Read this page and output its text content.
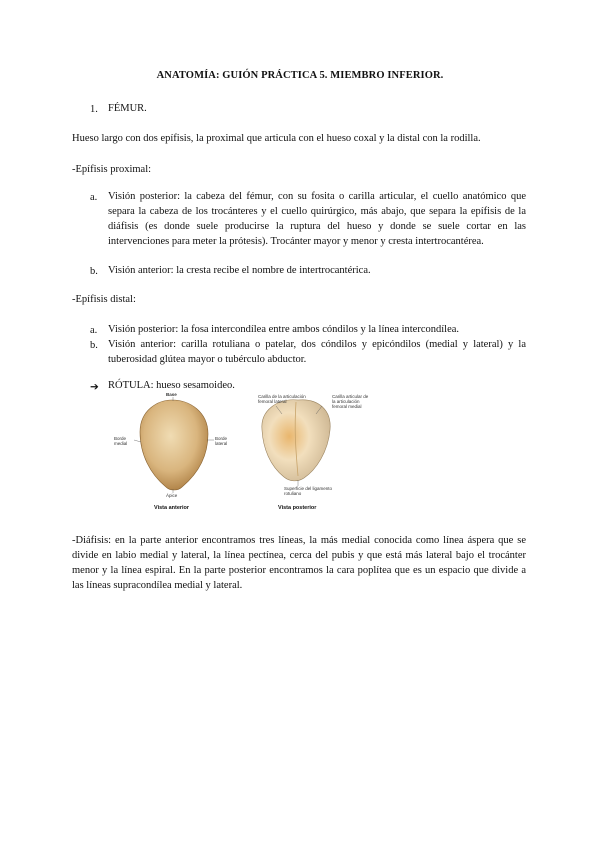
ANATOMÍA: GUIÓN PRÁCTICA 5. MIEMBRO INFERIOR.
1. FÉMUR.
Hueso largo con dos epífisis, la proximal que articula con el hueso coxal y la distal con la rodilla.
-Epífisis proximal:
a. Visión posterior: la cabeza del fémur, con su fosita o carilla articular, el cuello anatómico que separa la cabeza de los trocánteres y el cuello quirúrgico, más abajo, que separa la epífisis de la diáfisis (es donde suele producirse la ruptura del hueso y donde se suele cortar en las intervenciones para meter la prótesis). Trocánter mayor y menor y cresta intertrocantérea.
b. Visión anterior: la cresta recibe el nombre de intertrocantérica.
-Epífisis distal:
a. Visión posterior: la fosa intercondílea entre ambos cóndilos y la línea intercondílea.
b. Visión anterior: carilla rotuliana o patelar, dos cóndilos y epicóndilos (medial y lateral) y la tuberosidad glútea mayor o tubérculo abductor.
➔ RÓTULA: hueso sesamoideo.
Base
Borde medial
Borde lateral
Ápice
Vista anterior
Carilla de la articulación femoral lateral
Carilla articular de la articulación femoral medial
Superficie del ligamento rotuliano
Vista posterior
-Diáfisis: en la parte anterior encontramos tres líneas, la más medial conocida como línea áspera que se divide en labio medial y lateral, la línea pectínea, cerca del pubis y que está más lateral bajo el trocánter menor y la línea espiral. En la parte posterior encontramos la cara poplítea que es un espacio que divide a las líneas supracondílea medial y lateral.
